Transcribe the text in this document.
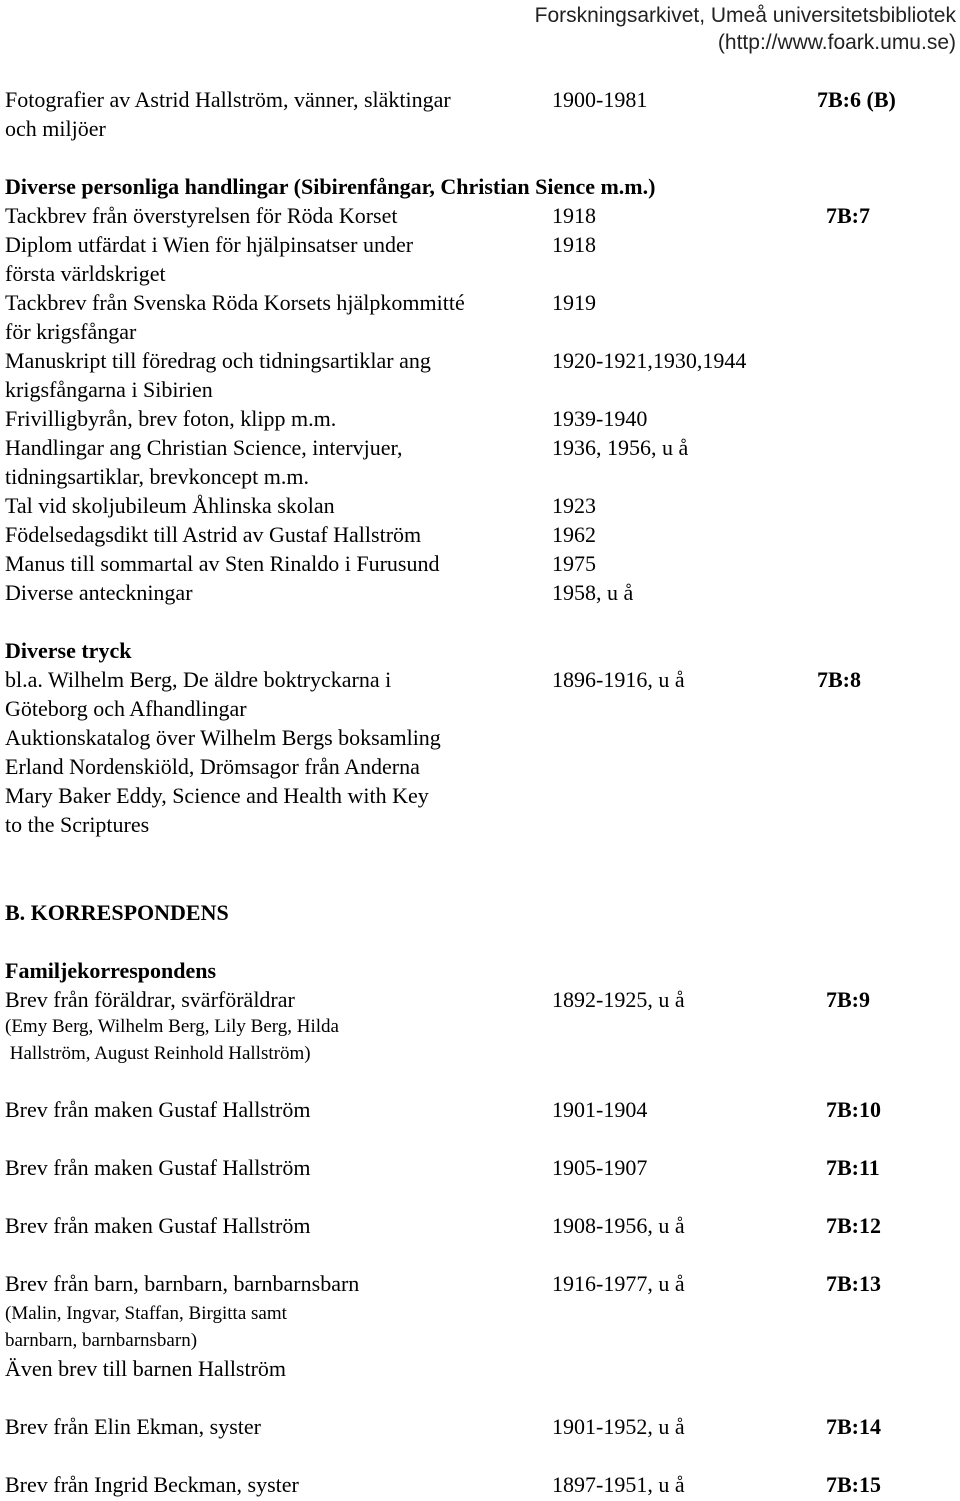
Forskningsarkivet, Umeå universitetsbibliotek
(http://www.foark.umu.se)
Fotografier av Astrid Hallström, vänner, släktingar
och miljöer
1900-1981	7B:6 (B)
Diverse personliga handlingar (Sibirenfångar, Christian Sience m.m.)
Tackbrev från överstyrelsen för Röda Korset	1918	7B:7
Diplom utfärdat i Wien för hjälpinsatser under
första världskriget
1918
Tackbrev från Svenska Röda Korsets hjälpkommitté
för krigsfångar
1919
Manuskript till föredrag och tidningsartiklar ang
krigsfångarna i Sibirien
1920-1921,1930,1944
Frivilligbyrån, brev foton, klipp m.m.	1939-1940
Handlingar ang Christian Science, intervjuer,
tidningsartiklar, brevkoncept m.m.
1936, 1956, u å
Tal vid skoljubileum Åhlinska skolan	1923
Födelsedagsdikt till Astrid av Gustaf Hallström	1962
Manus till sommartal av Sten Rinaldo i Furusund	1975
Diverse anteckningar	1958, u å
Diverse tryck
bl.a. Wilhelm Berg, De äldre boktryckarna i
Göteborg och Afhandlingar
Auktionskatalog över Wilhelm Bergs boksamling
Erland Nordenskiöld, Drömsagor från Anderna
Mary Baker Eddy, Science and Health with Key
to the Scriptures
1896-1916, u å	7B:8
B. KORRESPONDENS
Familjekorrespondens
Brev från föräldrar, svärföräldrar	1892-1925, u å	7B:9
(Emy Berg, Wilhelm Berg, Lily Berg, Hilda
Hallström, August Reinhold Hallström)
Brev från maken Gustaf Hallström	1901-1904	7B:10
Brev från maken Gustaf Hallström	1905-1907	7B:11
Brev från maken Gustaf Hallström	1908-1956, u å	7B:12
Brev från barn, barnbarn, barnbarnsbarn	1916-1977, u å	7B:13
(Malin, Ingvar, Staffan, Birgitta samt
barnbarn, barnbarnsbarn)
Även brev till barnen Hallström
Brev från Elin Ekman, syster	1901-1952, u å	7B:14
Brev från Ingrid Beckman, syster	1897-1951, u å	7B:15
